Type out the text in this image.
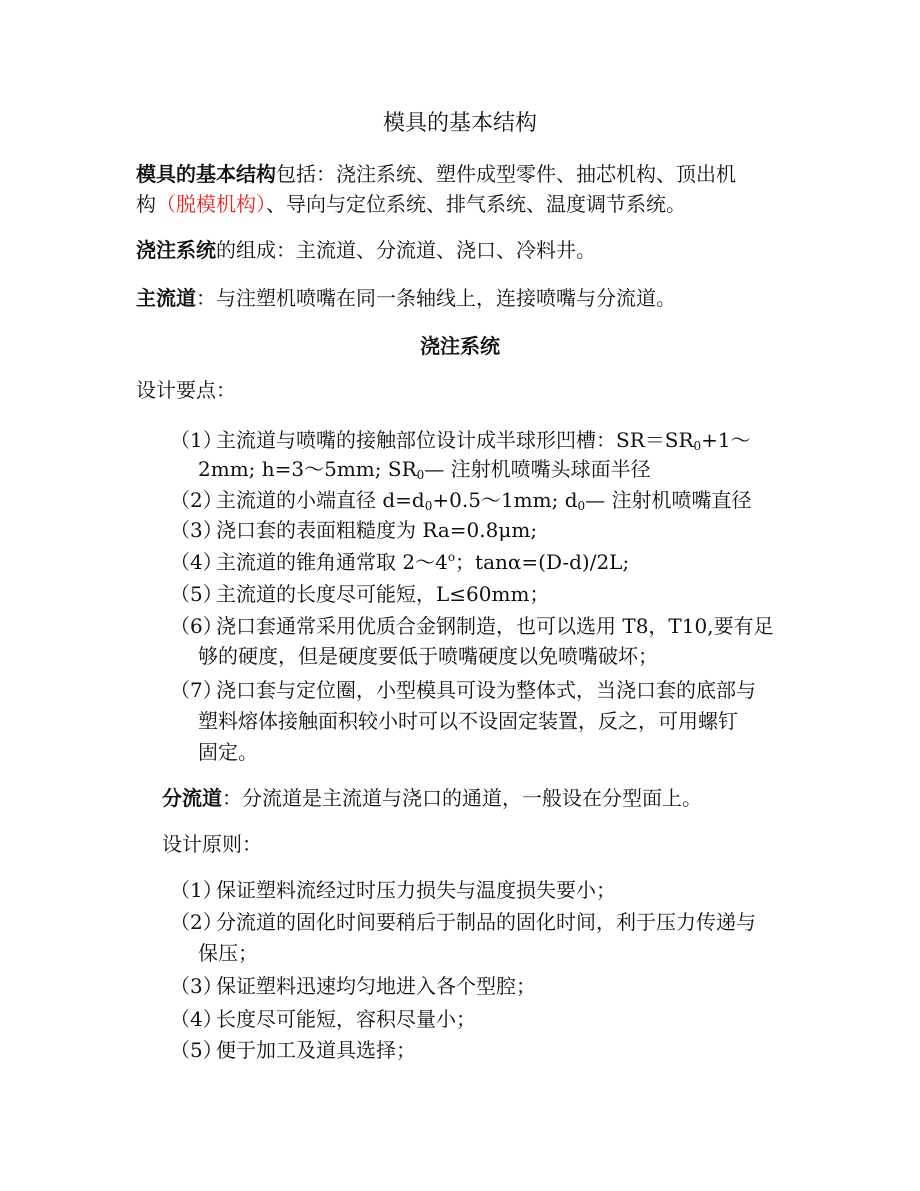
模具的基本结构
模具的基本结构包括：浇注系统、塑件成型零件、抽芯机构、顶出机
构（脱模机构）、导向与定位系统、排气系统、温度调节系统。
浇注系统的组成：主流道、分流道、浇口、冷料井。
主流道：与注塑机喷嘴在同一条轴线上，连接喷嘴与分流道。
浇注系统
设计要点：
（1）
主流道与喷嘴的接触部位设计成半球形凹槽：$SR=SR_0+1\sim$
2mm; h=3～5mm; $SR_0—$ 注射机喷嘴头球面半径
（2）
主流道的小端直径 $d=d_0+0.5\sim 1mm$; $d_0—$ 注射机喷嘴直径
（3）
浇口套的表面粗糙度为 Ra=0.8μm;
（4）
主流道的锥角通常取 2～4$^o$；tanα=(D-d)/2L;
（5）
主流道的长度尽可能短，L≤60mm；
（6）
浇口套通常采用优质合金钢制造，也可以选用 T8，T10,要有足
够的硬度，但是硬度要低于喷嘴硬度以免喷嘴破坏；
（7）
浇口套与定位圈，小型模具可设为整体式，当浇口套的底部与
塑料熔体接触面积较小时可以不设固定装置，反之，可用螺钉
固定。
分流道：分流道是主流道与浇口的通道，一般设在分型面上。
设计原则：
（1）
保证塑料流经过时压力损失与温度损失要小；
（2）
分流道的固化时间要稍后于制品的固化时间，利于压力传递与
保压；
（3）
保证塑料迅速均匀地进入各个型腔；
（4）
长度尽可能短，容积尽量小；
（5）
便于加工及道具选择；
